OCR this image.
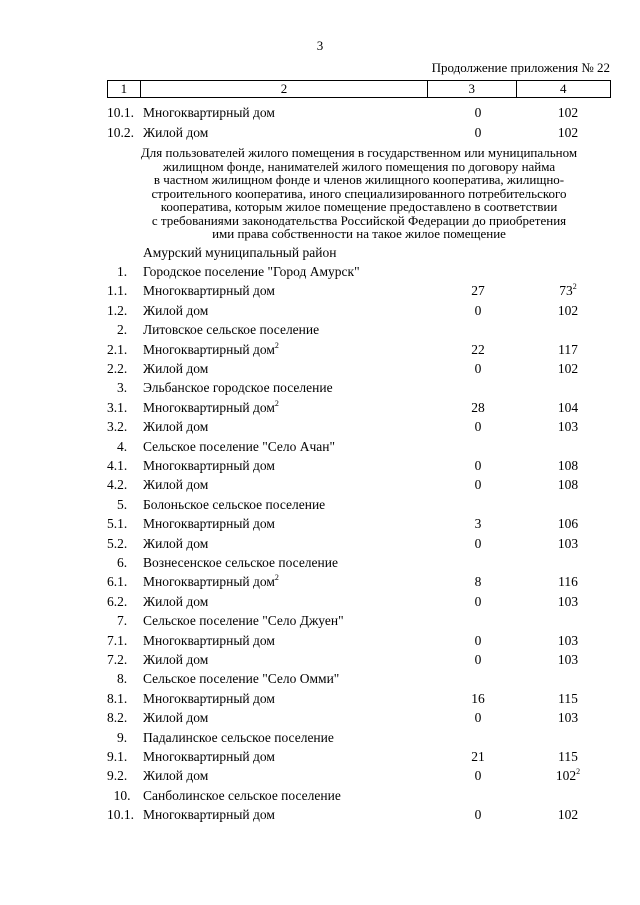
3
Продолжение приложения № 22
1	2	3	4
10.1. Многоквартирный дом	0	102
10.2. Жилой дом	0	102
Для пользователей жилого помещения в государственном или муниципальном
жилищном фонде, нанимателей жилого помещения по договору найма
в частном жилищном фонде и членов жилищного кооператива, жилищно-
строительного кооператива, иного специализированного потребительского
кооператива, которым жилое помещение предоставлено в соответствии
с требованиями законодательства Российской Федерации до приобретения
ими права собственности на такое жилое помещение
Амурский муниципальный район
1.	Городское поселение "Город Амурск"
1.1.	Многоквартирный дом	27	$73^2$
1.2.	Жилой дом	0	102
2.	Литовское сельское поселение
2.1.	Многоквартирный дом$^2$	22	117
2.2.	Жилой дом	0	102
3.	Эльбанское городское поселение
3.1.	Многоквартирный дом$^2$	28	104
3.2.	Жилой дом	0	103
4.	Сельское поселение "Село Ачан"
4.1.	Многоквартирный дом	0	108
4.2.	Жилой дом	0	108
5.	Болоньское сельское поселение
5.1.	Многоквартирный дом	3	106
5.2.	Жилой дом	0	103
6.	Вознесенское сельское поселение
6.1.	Многоквартирный дом$^2$	8	116
6.2.	Жилой дом	0	103
7.	Сельское поселение "Село Джуен"
7.1.	Многоквартирный дом	0	103
7.2.	Жилой дом	0	103
8.	Сельское поселение "Село Омми"
8.1.	Многоквартирный дом	16	115
8.2.	Жилой дом	0	103
9.	Падалинское сельское поселение
9.1.	Многоквартирный дом	21	115
9.2.	Жилой дом	0	$102^2$
10. Санболинское сельское поселение
10.1. Многоквартирный дом	0	102
